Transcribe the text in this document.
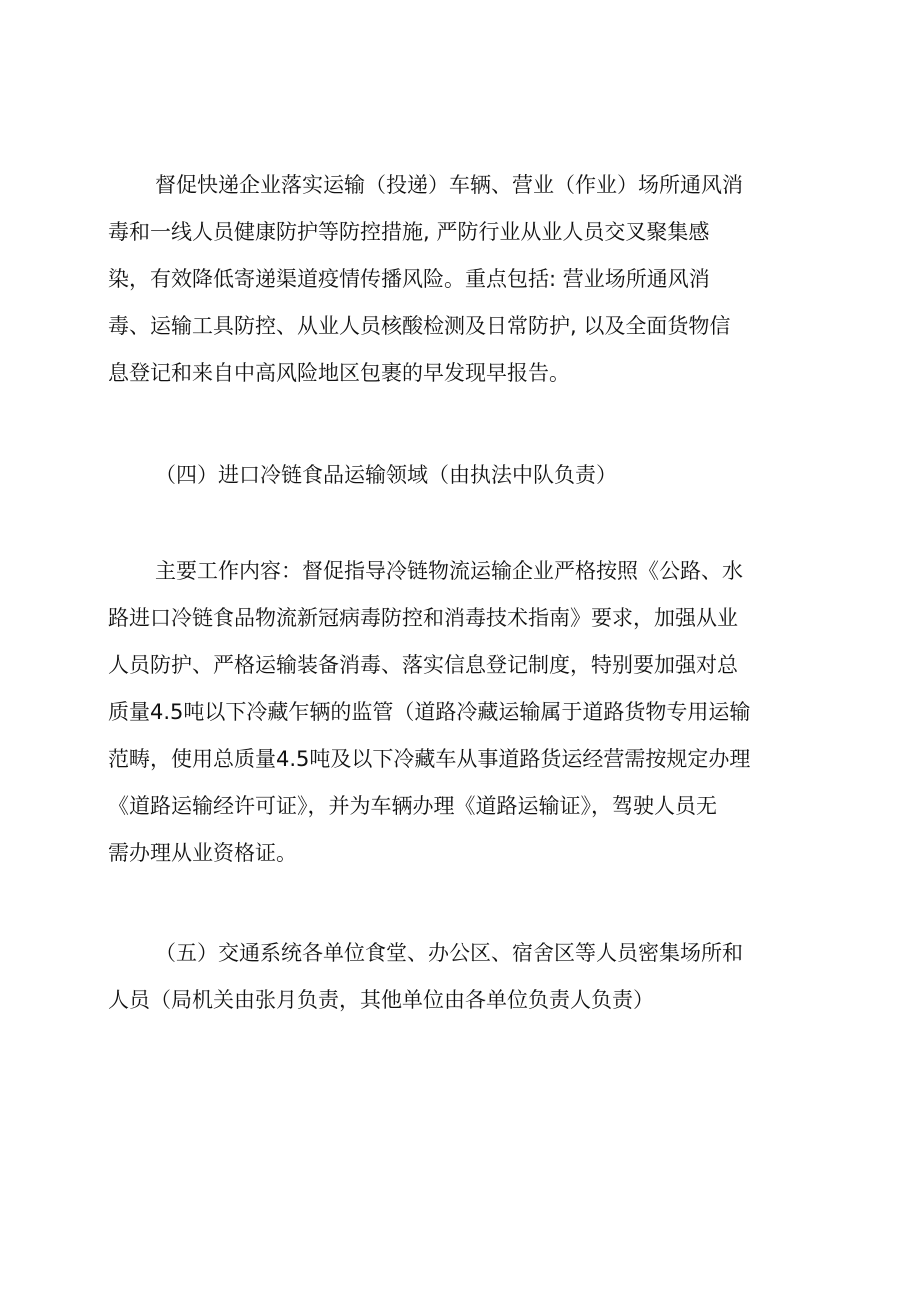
督促快递企业落实运输（投递）车辆、营业（作业）场所通风消
毒和一线人员健康防护等防控措施, 严防行业从业人员交叉聚集感
染，有效降低寄递渠道疫情传播风险。重点包括: 营业场所通风消
毒、运输工具防控、从业人员核酸检测及日常防护, 以及全面货物信
息登记和来自中高风险地区包裹的早发现早报告。
（四）进口冷链食品运输领域（由执法中队负责）
主要工作内容：督促指导冷链物流运输企业严格按照《公路、水
路进口冷链食品物流新冠病毒防控和消毒技术指南》要求，加强从业
人员防护、严格运输装备消毒、落实信息登记制度，特别要加强对总
质量4.5吨以下冷藏乍辆的监管（道路冷藏运输属于道路货物专用运输
范畴，使用总质量4.5吨及以下冷藏车从事道路货运经营需按规定办理
《道路运输经许可证》，并为车辆办理《道路运输证》，驾驶人员无
需办理从业资格证。
（五）交通系统各单位食堂、办公区、宿舍区等人员密集场所和
人员（局机关由张月负责，其他单位由各单位负责人负责）
